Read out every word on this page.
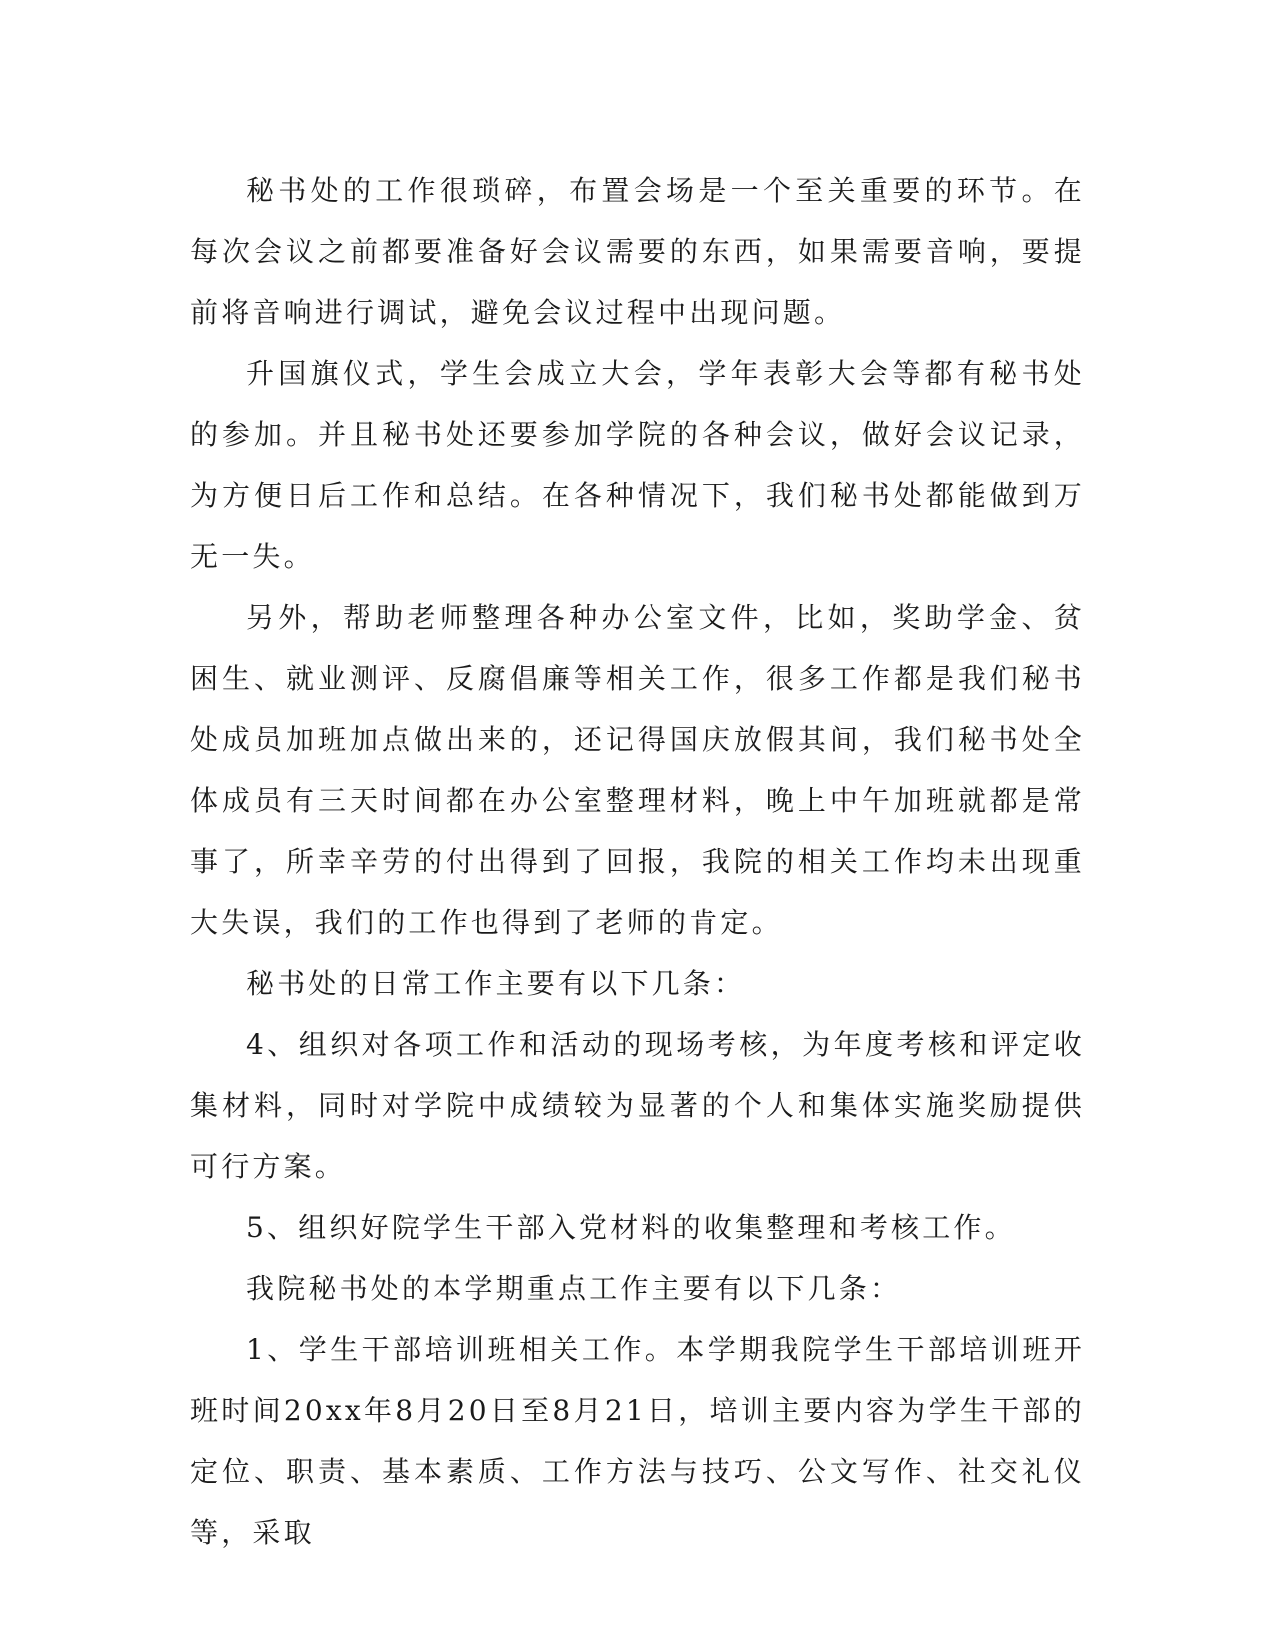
秘书处的工作很琐碎，布置会场是一个至关重要的环节。在每次会议之前都要准备好会议需要的东西，如果需要音响，要提前将音响进行调试，避免会议过程中出现问题。

升国旗仪式，学生会成立大会，学年表彰大会等都有秘书处的参加。并且秘书处还要参加学院的各种会议，做好会议记录，为方便日后工作和总结。在各种情况下，我们秘书处都能做到万无一失。

另外，帮助老师整理各种办公室文件，比如，奖助学金、贫困生、就业测评、反腐倡廉等相关工作，很多工作都是我们秘书处成员加班加点做出来的，还记得国庆放假其间，我们秘书处全体成员有三天时间都在办公室整理材料，晚上中午加班就都是常事了，所幸辛劳的付出得到了回报，我院的相关工作均未出现重大失误，我们的工作也得到了老师的肯定。

秘书处的日常工作主要有以下几条：

4、组织对各项工作和活动的现场考核，为年度考核和评定收集材料，同时对学院中成绩较为显著的个人和集体实施奖励提供可行方案。

5、组织好院学生干部入党材料的收集整理和考核工作。

我院秘书处的本学期重点工作主要有以下几条：

1、学生干部培训班相关工作。本学期我院学生干部培训班开班时间20xx年8月20日至8月21日，培训主要内容为学生干部的定位、职责、基本素质、工作方法与技巧、公文写作、社交礼仪等，采取
